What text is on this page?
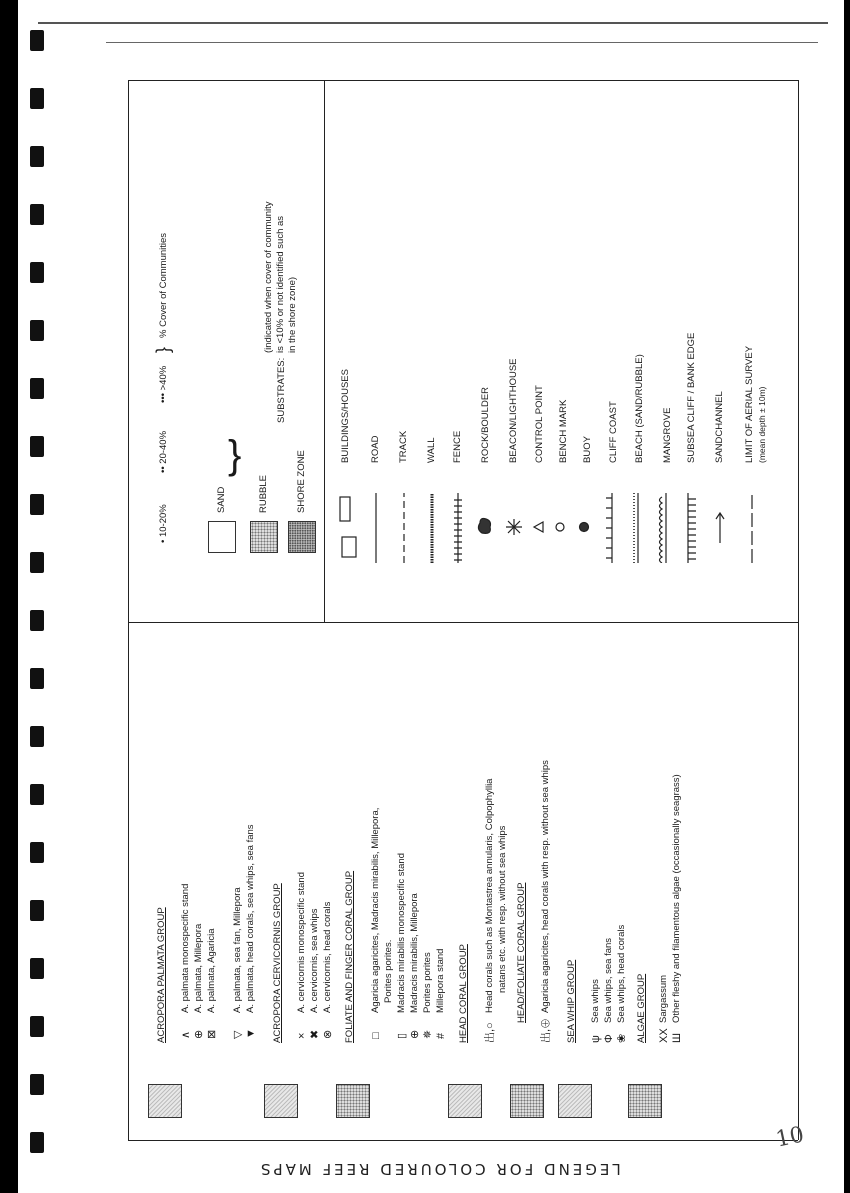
ACROPORA PALMATA GROUP ∧
A. palmata monospecific stand
⊕
A. palmata, Millepora
⊠
A. palmata, Agaricia
▽
A. palmata, sea fan, Millepora
▼
A. palmata, head corals, sea whips, sea fans ACROPORA CERVICORNIS GROUP ×
A. cervicornis monospecific stand
✖
A. cervicornis, sea whips
⊗
A. cervicornis, head corals FOLIATE AND FINGER CORAL GROUP □
Agaricia agaricites, Madracis mirabilis, Millepora, Porites porites.
▯
Madracis mirabilis monospecific stand
⊕
Madracis mirabilis, Millepora
✵
Porites porites
#
Millepora stand HEAD CORAL GROUP 出,○
Head corals such as Montastrea annularis, Colpophyllia natans etc. with resp. without sea whips HEAD/FOLIATE CORAL GROUP
出,⊕
Agaricia agaricites, head corals with resp. without sea whips SEA WHIP GROUP ψ
Sea whips
Φ
Sea whips, sea fans
❀
Sea whips, head corals ALGAE GROUP ХХ
Sargassum
Ш
Other fleshy and filamentous algae (occasionally seagrass)
• 10-20%
•• 20-40%
••• >40%
}
% Cover of Communities
SAND	RUBBLE	SHORE ZONE
}
SUBSTRATES:
(indicated when cover of community is <10% or not identified such as in the shore zone)
BUILDINGS/HOUSES ROAD TRACK WALL FENCE ROCK/BOULDER BEACON/LIGHTHOUSE CONTROL POINT BENCH MARK BUOY CLIFF COAST BEACH (SAND/RUBBLE) MANGROVE SUBSEA CLIFF / BANK EDGE SANDCHANNEL LIMIT OF AERIAL SURVEY (mean depth ± 10m)
LEGEND FOR COLOURED REEF MAPS
10
